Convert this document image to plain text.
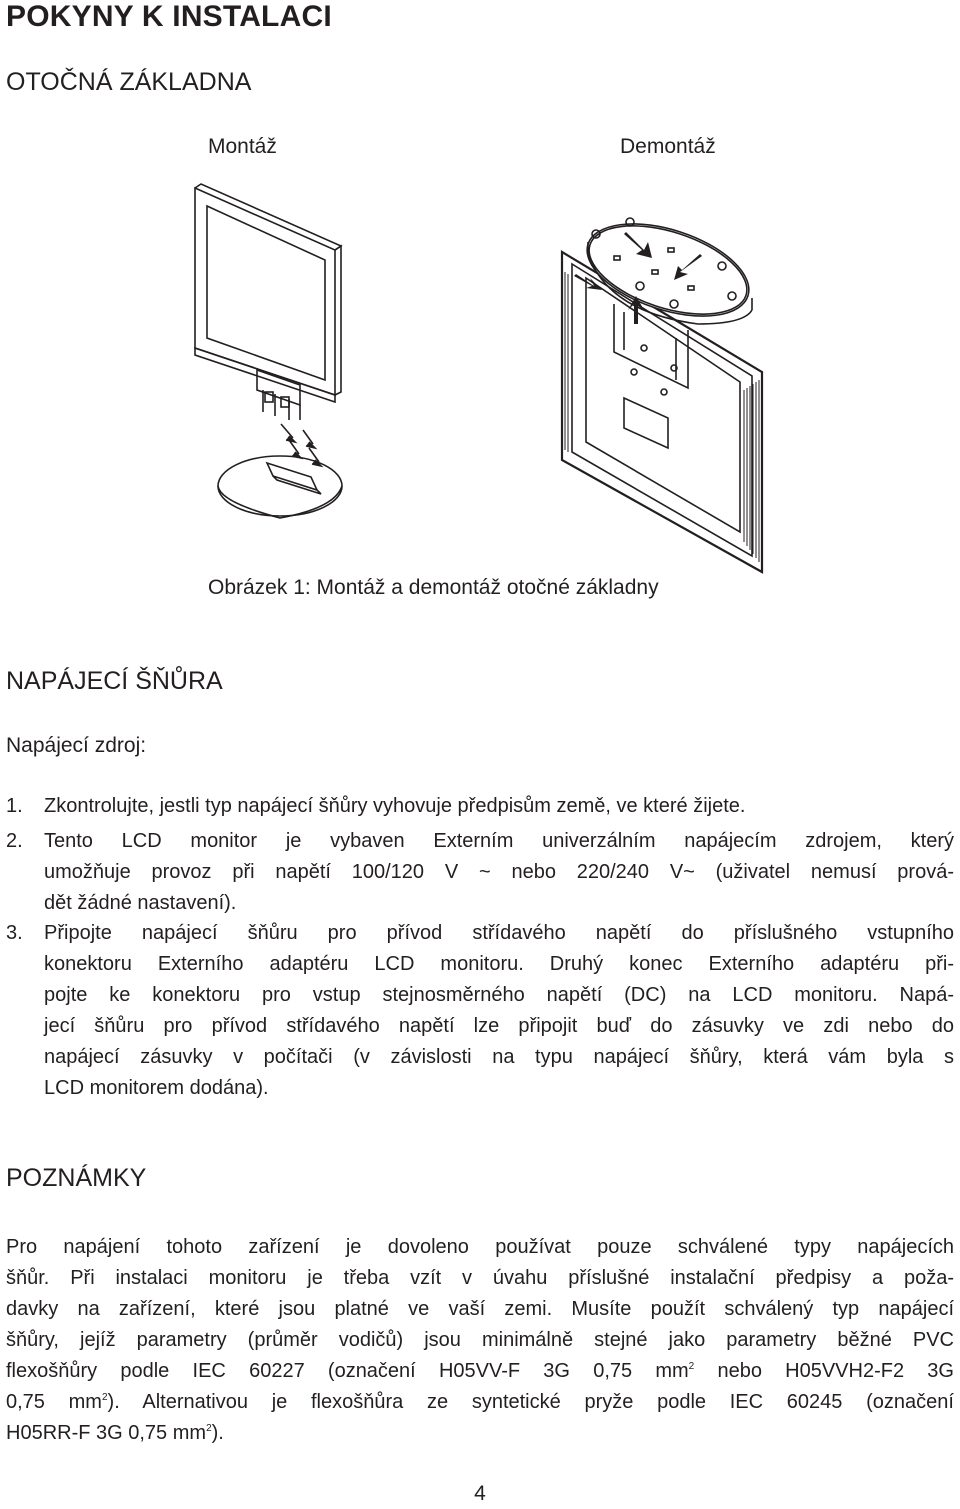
POKYNY K INSTALACI
OTOČNÁ ZÁKLADNA
Montáž	Demontáž
Obrázek 1: Montáž a demontáž otočné základny
NAPÁJECÍ ŠŇŮRA
Napájecí zdroj:
1. Zkontrolujte, jestli typ napájecí šňůry vyhovuje předpisům země, ve které žijete.
2. Tento LCD monitor je vybaven Externím univerzálním napájecím zdrojem, který
umožňuje provoz při napětí 100/120 V ~ nebo 220/240 V~ (uživatel nemusí prová-
dět žádné nastavení).
3. Připojte napájecí šňůru pro přívod střídavého napětí do příslušného vstupního
konektoru Externího adaptéru LCD monitoru. Druhý konec Externího adaptéru při-
pojte ke konektoru pro vstup stejnosměrného napětí (DC) na LCD monitoru. Napá-
jecí šňůru pro přívod střídavého napětí lze připojit buď do zásuvky ve zdi nebo do
napájecí zásuvky v počítači (v závislosti na typu napájecí šňůry, která vám byla s
LCD monitorem dodána).
POZNÁMKY
Pro napájení tohoto zařízení je dovoleno používat pouze schválené typy napájecích
šňůr. Při instalaci monitoru je třeba vzít v úvahu příslušné instalační předpisy a poža-
davky na zařízení, které jsou platné ve vaší zemi. Musíte použít schválený typ napájecí
šňůry, jejíž parametry (průměr vodičů) jsou minimálně stejné jako parametry běžné PVC
flexošňůry podle IEC 60227 (označení H05VV-F 3G 0,75 $mm^2$ nebo H05VVH2-F2 3G
0,75 $mm^2$). Alternativou je flexošňůra ze syntetické pryže podle IEC 60245 (označení
H05RR-F 3G 0,75 $mm^2$).
4
